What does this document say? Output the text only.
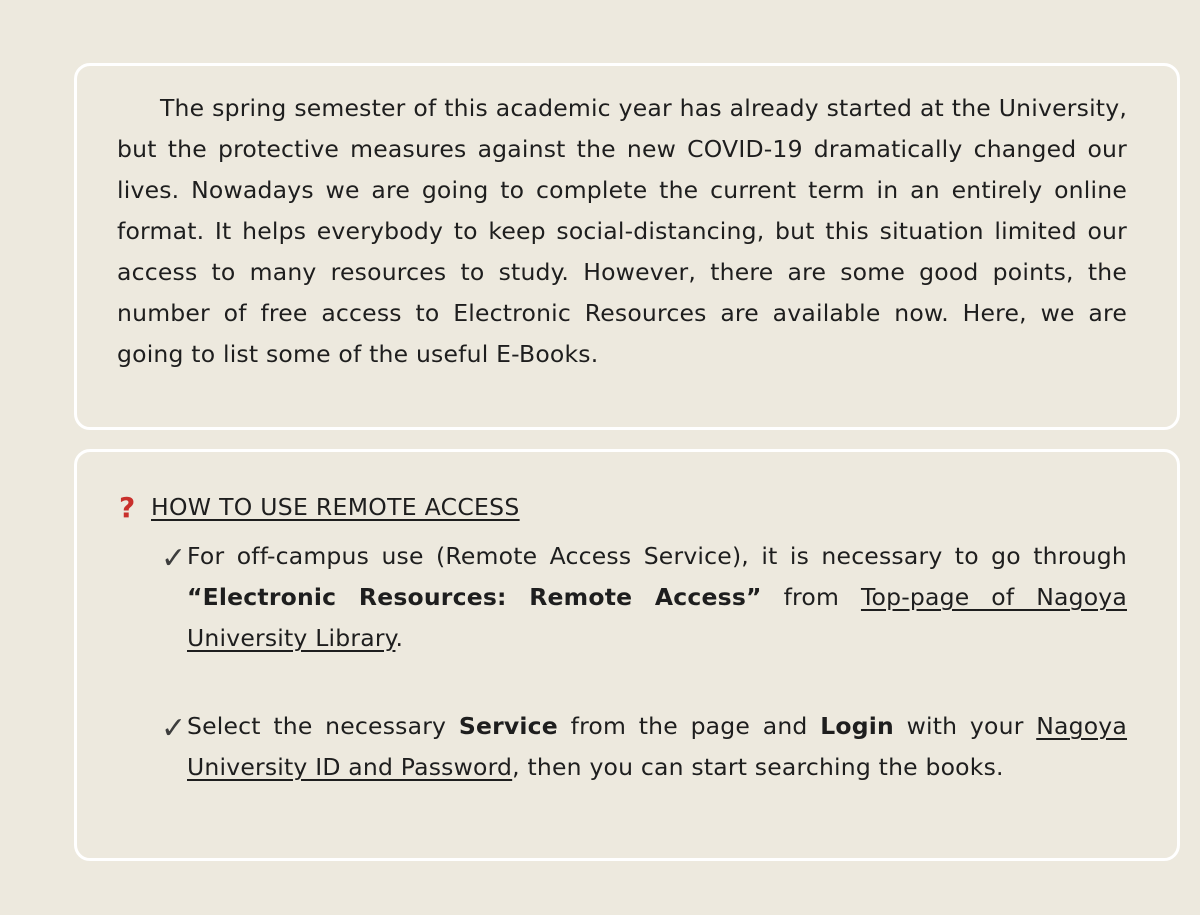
The spring semester of this academic year has already started at the University, but the protective measures against the new COVID-19 dramatically changed our lives. Nowadays we are going to complete the current term in an entirely online format. It helps everybody to keep social-distancing, but this situation limited our access to many resources to study. However, there are some good points, the number of free access to Electronic Resources are available now. Here, we are going to list some of the useful E-Books.

? HOW TO USE REMOTE ACCESS
✓ For off-campus use (Remote Access Service), it is necessary to go through “Electronic Resources: Remote Access” from Top-page of Nagoya University Library.
✓ Select the necessary Service from the page and Login with your Nagoya University ID and Password, then you can start searching the books.
